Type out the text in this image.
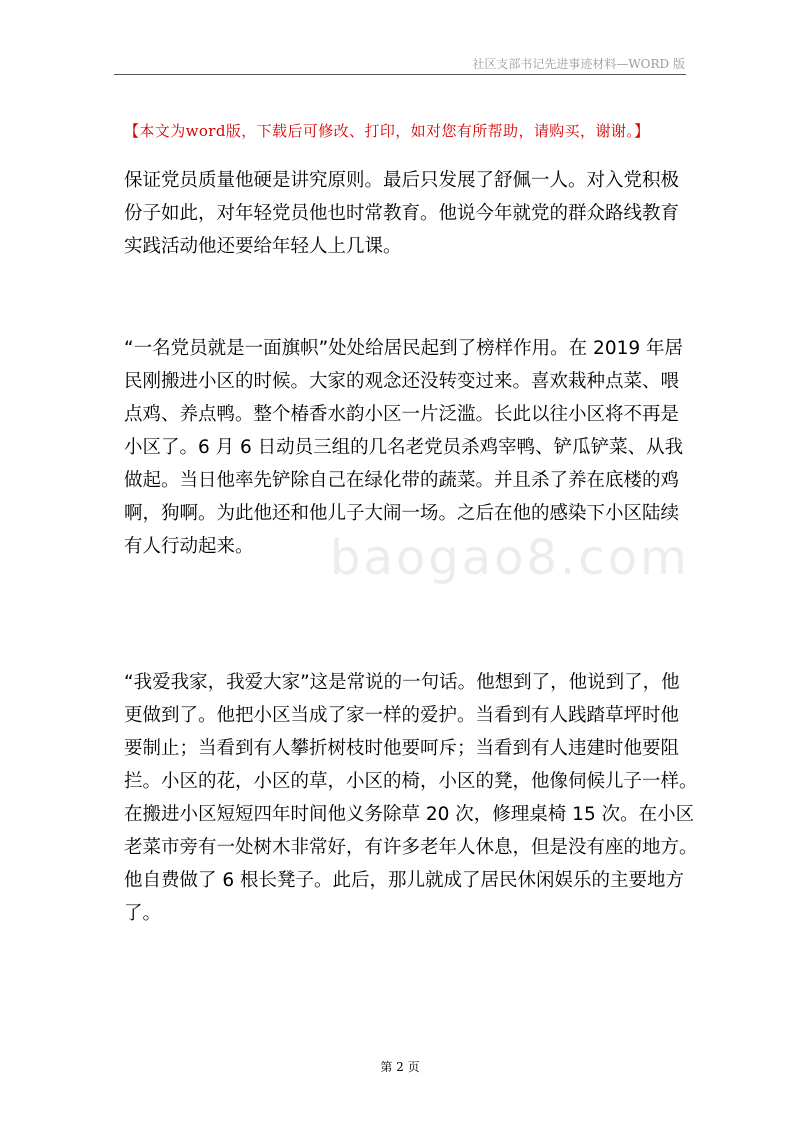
社区支部书记先进事迹材料—WORD 版
【本文为word版，下载后可修改、打印，如对您有所帮助，请购买，谢谢。】
baogao8.com
保证党员质量他硬是讲究原则。最后只发展了舒佩一人。对入党积极
份子如此，对年轻党员他也时常教育。他说今年就党的群众路线教育
实践活动他还要给年轻人上几课。
“一名党员就是一面旗帜”处处给居民起到了榜样作用。在 2019 年居
民刚搬进小区的时候。大家的观念还没转变过来。喜欢栽种点菜、喂
点鸡、养点鸭。整个椿香水韵小区一片泛滥。长此以往小区将不再是
小区了。6 月 6 日动员三组的几名老党员杀鸡宰鸭、铲瓜铲菜、从我
做起。当日他率先铲除自己在绿化带的蔬菜。并且杀了养在底楼的鸡
啊，狗啊。为此他还和他儿子大闹一场。之后在他的感染下小区陆续
有人行动起来。
“我爱我家，我爱大家”这是常说的一句话。他想到了，他说到了，他
更做到了。他把小区当成了家一样的爱护。当看到有人践踏草坪时他
要制止；当看到有人攀折树枝时他要呵斥；当看到有人违建时他要阻
拦。小区的花，小区的草，小区的椅，小区的凳，他像伺候儿子一样。
在搬进小区短短四年时间他义务除草 20 次，修理桌椅 15 次。在小区
老菜市旁有一处树木非常好，有许多老年人休息，但是没有座的地方。
他自费做了 6 根长凳子。此后，那儿就成了居民休闲娱乐的主要地方
了。
第 2 页
